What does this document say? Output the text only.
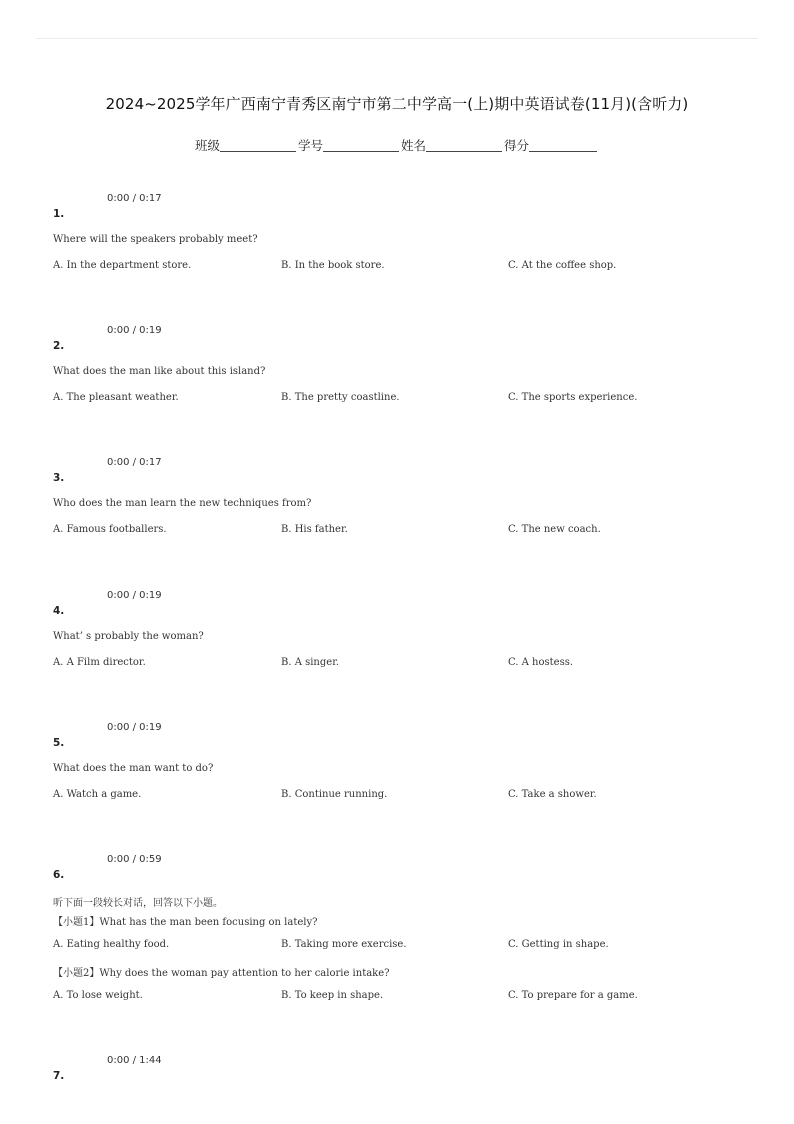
2024~2025学年广西南宁青秀区南宁市第二中学高一(上)期中英语试卷(11月)(含听力)
班级	学号	姓名	得分
0:00 / 0:17
1.
Where will the speakers probably meet?
A. In the department store.	B. In the book store.	C. At the coffee shop.
0:00 / 0:19
2.
What does the man like about this island?
A. The pleasant weather.	B. The pretty coastline.	C. The sports experience.
0:00 / 0:17
3.
Who does the man learn the new techniques from?
A. Famous footballers.	B. His father.	C. The new coach.
0:00 / 0:19
4.
What’ s probably the woman?
A. A Film director.	B. A singer.	C. A hostess.
0:00 / 0:19
5.
What does the man want to do?
A. Watch a game.	B. Continue running.	C. Take a shower.
0:00 / 0:59
6.
听下面一段较长对话，回答以下小题。
【小题1】What has the man been focusing on lately?
A. Eating healthy food.	B. Taking more exercise.	C. Getting in shape.
【小题2】Why does the woman pay attention to her calorie intake?
A. To lose weight.	B. To keep in shape.	C. To prepare for a game.
0:00 / 1:44
7.
